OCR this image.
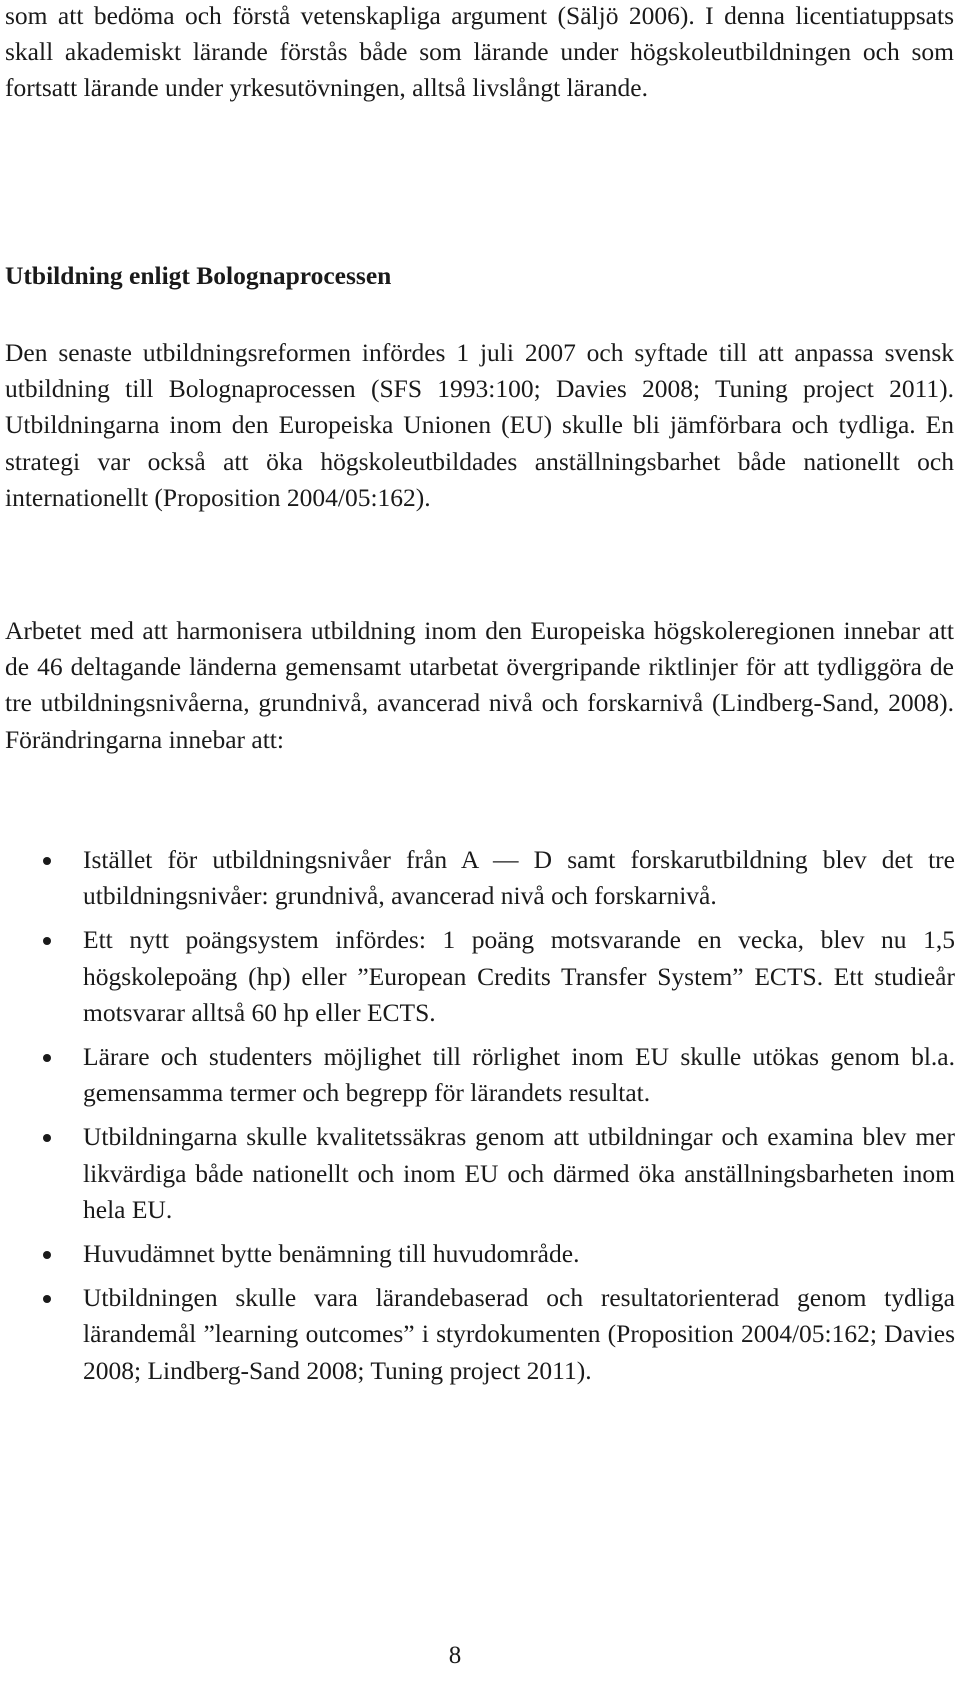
som att bedöma och förstå vetenskapliga argument (Säljö 2006). I denna licentiatuppsats skall akademiskt lärande förstås både som lärande under högskoleutbildningen och som fortsatt lärande under yrkesutövningen, alltså livslångt lärande.

Utbildning enligt Bolognaprocessen

Den senaste utbildningsreformen infördes 1 juli 2007 och syftade till att anpassa svensk utbildning till Bolognaprocessen (SFS 1993:100; Davies 2008; Tuning project 2011). Utbildningarna inom den Europeiska Unionen (EU) skulle bli jämförbara och tydliga. En strategi var också att öka högskoleutbildades anställningsbarhet både nationellt och internationellt (Proposition 2004/05:162).

Arbetet med att harmonisera utbildning inom den Europeiska högskoleregionen innebar att de 46 deltagande länderna gemensamt utarbetat övergripande riktlinjer för att tydliggöra de tre utbildningsnivåerna, grundnivå, avancerad nivå och forskarnivå (Lindberg-Sand, 2008). Förändringarna innebar att:

Istället för utbildningsnivåer från A — D samt forskarutbildning blev det tre utbildningsnivåer: grundnivå, avancerad nivå och forskarnivå.
Ett nytt poängsystem infördes: 1 poäng motsvarande en vecka, blev nu 1,5 högskolepoäng (hp) eller ”European Credits Transfer System” ECTS. Ett studieår motsvarar alltså 60 hp eller ECTS.
Lärare och studenters möjlighet till rörlighet inom EU skulle utökas genom bl.a. gemensamma termer och begrepp för lärandets resultat.
Utbildningarna skulle kvalitetssäkras genom att utbildningar och examina blev mer likvärdiga både nationellt och inom EU och därmed öka anställningsbarheten inom hela EU.
Huvudämnet bytte benämning till huvudområde.
Utbildningen skulle vara lärandebaserad och resultatorienterad genom tydliga lärandemål ”learning outcomes” i styrdokumenten (Proposition 2004/05:162; Davies 2008; Lindberg-Sand 2008; Tuning project 2011).
8
